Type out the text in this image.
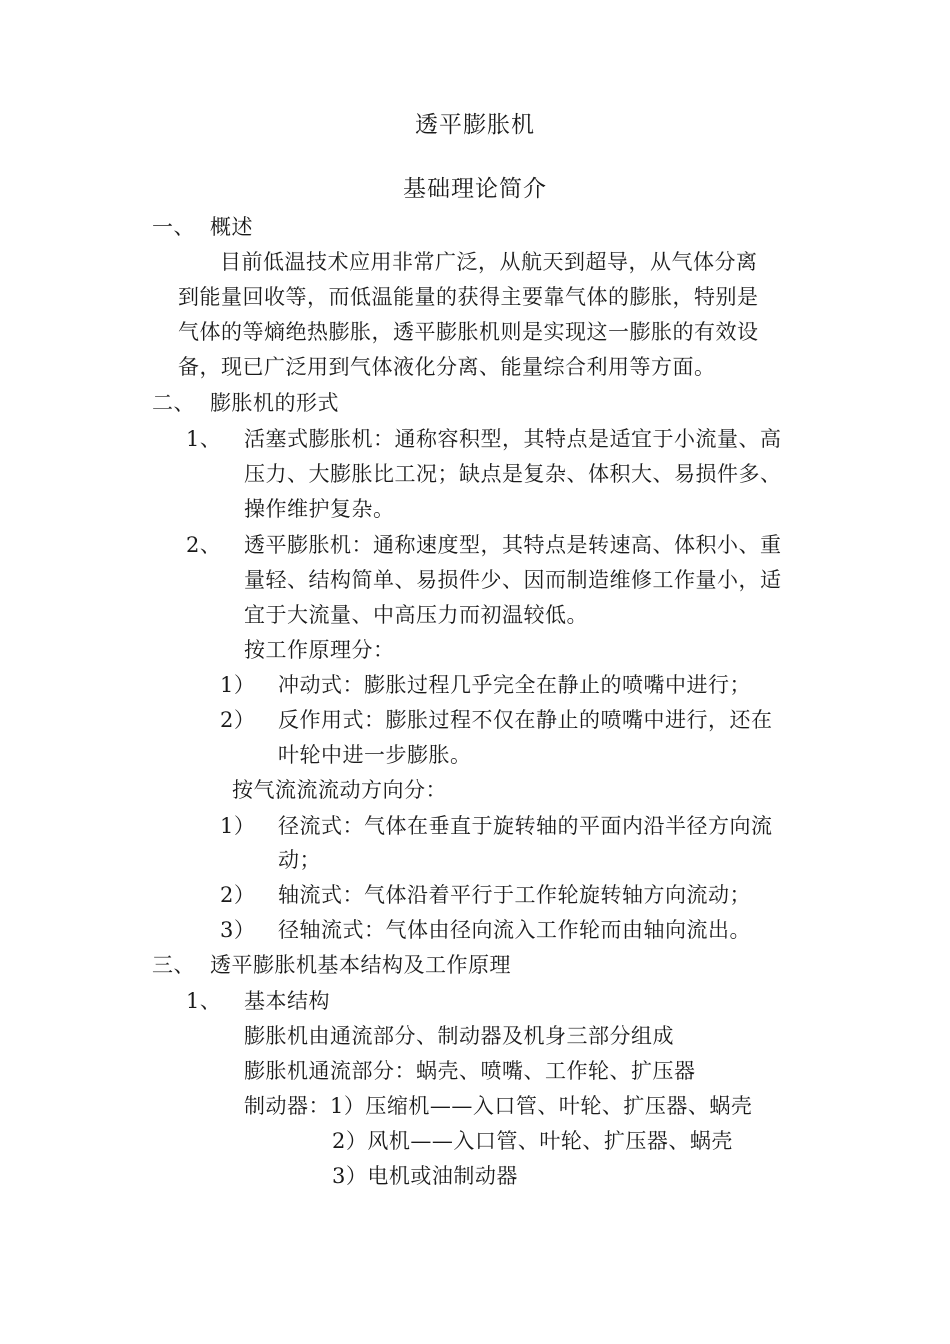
透平膨胀机
基础理论简介
一、 概述
目前低温技术应用非常广泛，从航天到超导，从气体分离
到能量回收等，而低温能量的获得主要靠气体的膨胀，特别是
气体的等熵绝热膨胀，透平膨胀机则是实现这一膨胀的有效设
备，现已广泛用到气体液化分离、能量综合利用等方面。
二、 膨胀机的形式
1、 活塞式膨胀机：通称容积型，其特点是适宜于小流量、高
压力、大膨胀比工况；缺点是复杂、体积大、易损件多、
操作维护复杂。
2、 透平膨胀机：通称速度型，其特点是转速高、体积小、重
量轻、结构简单、易损件少、因而制造维修工作量小，适
宜于大流量、中高压力而初温较低。
按工作原理分：
1） 冲动式：膨胀过程几乎完全在静止的喷嘴中进行；
2） 反作用式：膨胀过程不仅在静止的喷嘴中进行，还在
叶轮中进一步膨胀。
按气流流流动方向分：
1） 径流式：气体在垂直于旋转轴的平面内沿半径方向流
动；
2） 轴流式：气体沿着平行于工作轮旋转轴方向流动；
3） 径轴流式：气体由径向流入工作轮而由轴向流出。
三、 透平膨胀机基本结构及工作原理
1、 基本结构
膨胀机由通流部分、制动器及机身三部分组成
膨胀机通流部分：蜗壳、喷嘴、工作轮、扩压器
制动器：1）压缩机——入口管、叶轮、扩压器、蜗壳
2）风机——入口管、叶轮、扩压器、蜗壳
3）电机或油制动器
